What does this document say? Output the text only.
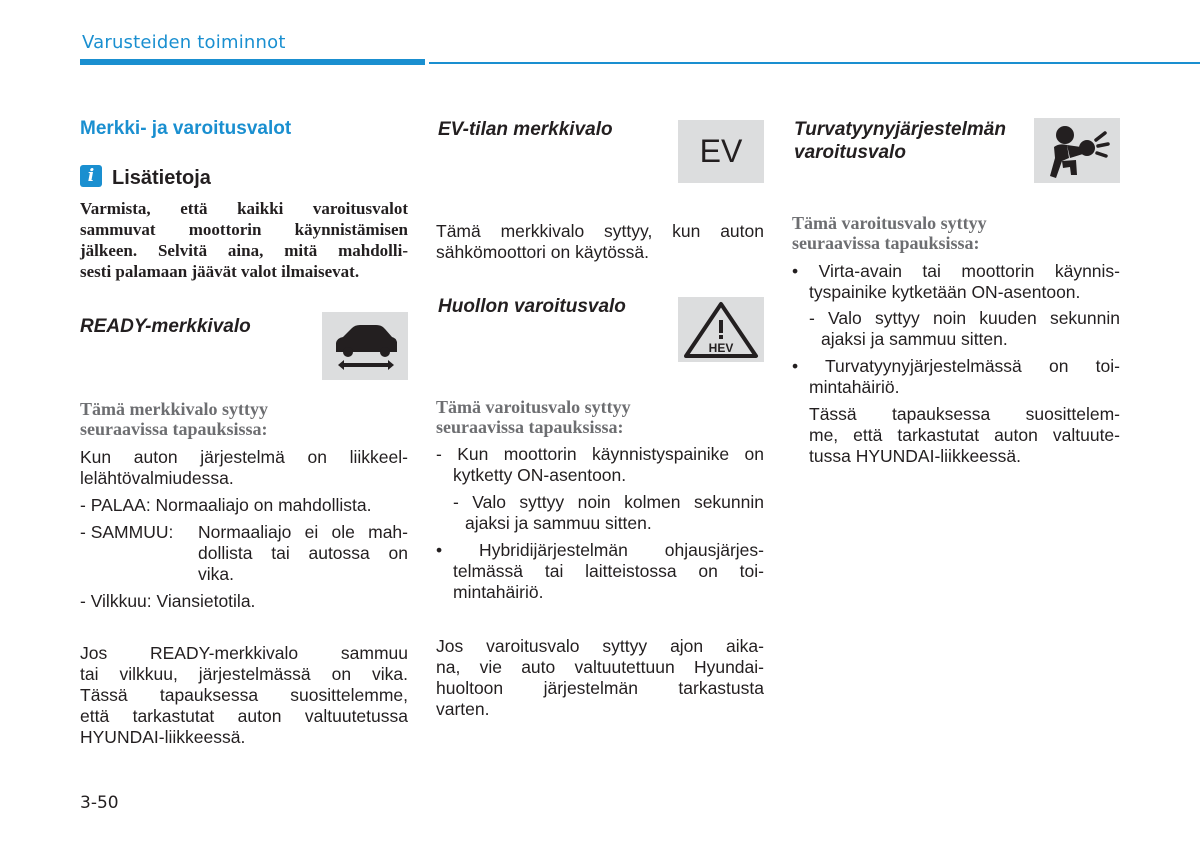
Varusteiden toiminnot
Merkki- ja varoitusvalot
i Lisätietoja
Varmista, että kaikki varoitusvalot
sammuvat moottorin käynnistämisen
jälkeen. Selvitä aina, mitä mahdolli-
sesti palamaan jäävät valot ilmaisevat.
READY-merkkivalo
Tämä merkkivalo syttyy
seuraavissa tapauksissa:
Kun auton järjestelmä on liikkeel-
lelähtövalmiudessa.
- PALAA: Normaaliajo on mahdollista.
- SAMMUU: Normaaliajo ei ole mah-
dollista tai autossa on
vika.
- Vilkkuu: Viansietotila.
Jos READY-merkkivalo sammuu
tai vilkkuu, järjestelmässä on vika.
Tässä tapauksessa suosittelemme,
että tarkastutat auton valtuutetussa
HYUNDAI-liikkeessä.
EV-tilan merkkivalo
EV
Tämä merkkivalo syttyy, kun auton
sähkömoottori on käytössä.
Huollon varoitusvalo
HEV
Tämä varoitusvalo syttyy
seuraavissa tapauksissa:
- Kun moottorin käynnistyspainike on
kytketty ON-asentoon.
- Valo syttyy noin kolmen sekunnin
ajaksi ja sammuu sitten.
• Hybridijärjestelmän ohjausjärjes-
telmässä tai laitteistossa on toi-
mintahäiriö.
Jos varoitusvalo syttyy ajon aika-
na, vie auto valtuutettuun Hyundai-
huoltoon järjestelmän tarkastusta
varten.
Turvatyynyjärjestelmän
varoitusvalo
Tämä varoitusvalo syttyy
seuraavissa tapauksissa:
• Virta-avain tai moottorin käynnis-
tyspainike kytketään ON-asentoon.
- Valo syttyy noin kuuden sekunnin
ajaksi ja sammuu sitten.
• Turvatyynyjärjestelmässä on toi-
mintahäiriö.
Tässä tapauksessa suosittelem-
me, että tarkastutat auton valtuute-
tussa HYUNDAI-liikkeessä.
3-50
